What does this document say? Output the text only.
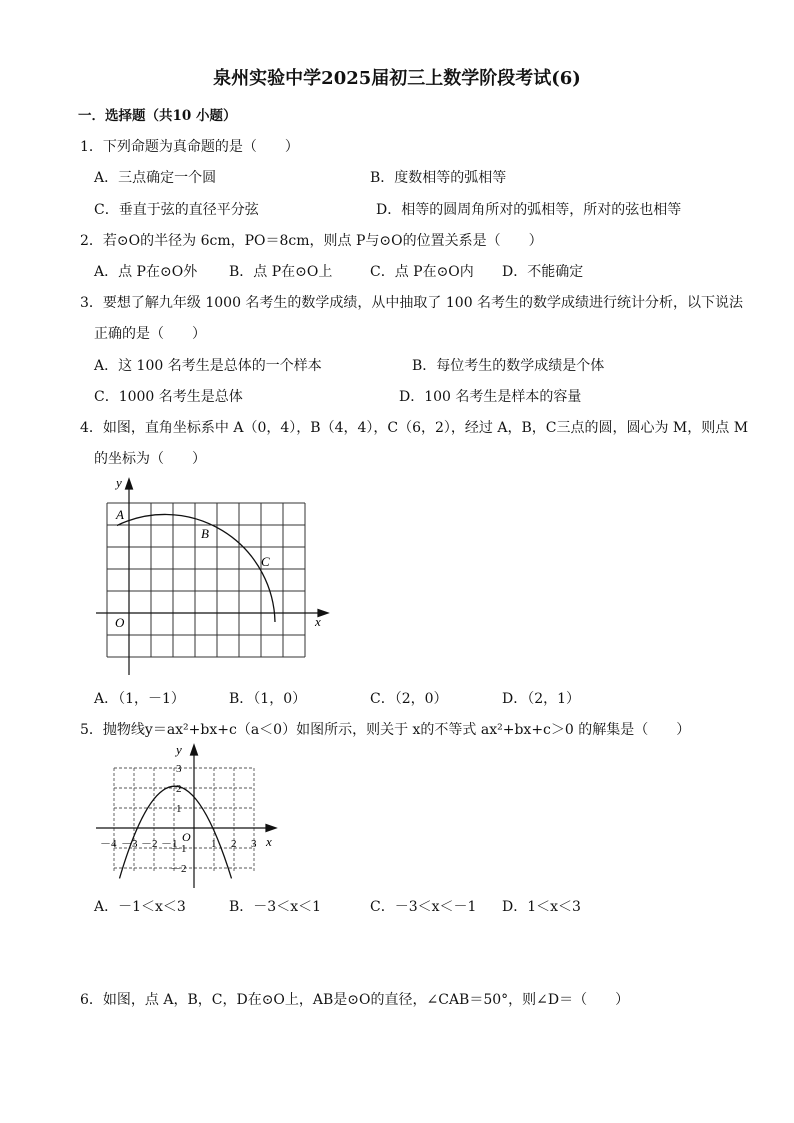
泉州实验中学2025届初三上数学阶段考试(6)
一．选择题（共10 小题）
1．下列命题为真命题的是（　　）
A．三点确定一个圆	B．度数相等的弧相等
C．垂直于弦的直径平分弦	D．相等的圆周角所对的弧相等，所对的弦也相等
2．若⊙O的半径为 6cm，PO＝8cm，则点 P与⊙O的位置关系是（　　）
A．点 P在⊙O外 B．点 P在⊙O上	C．点 P在⊙O内 D．不能确定
3．要想了解九年级 1000 名考生的数学成绩，从中抽取了 100 名考生的数学成绩进行统计分析，以下说法
正确的是（　　）
A．这 100 名考生是总体的一个样本	B．每位考生的数学成绩是个体
C．1000 名考生是总体	D．100 名考生是样本的容量
4．如图，直角坐标系中 A（0，4），B（4，4），C（6，2），经过 A，B，C三点的圆，圆心为 M，则点 M
的坐标为（　　）
y
x
O
A
B
C
A．（1，－1）	B．（1，0）	C．（2，0）	D．（2，1）
5．抛物线y＝ax²+bx+c（a＜0）如图所示，则关于 x的不等式 ax²+bx+c＞0 的解集是（　　）
y
x
O
－4 －3 －2 －1	1 2 3
3
2
1
－1
－2
A．－1＜x＜3	B．－3＜x＜1	C．－3＜x＜－1 D．1＜x＜3
6．如图，点 A，B，C，D在⊙O上，AB是⊙O的直径，∠CAB＝50°，则∠D＝（　　）
